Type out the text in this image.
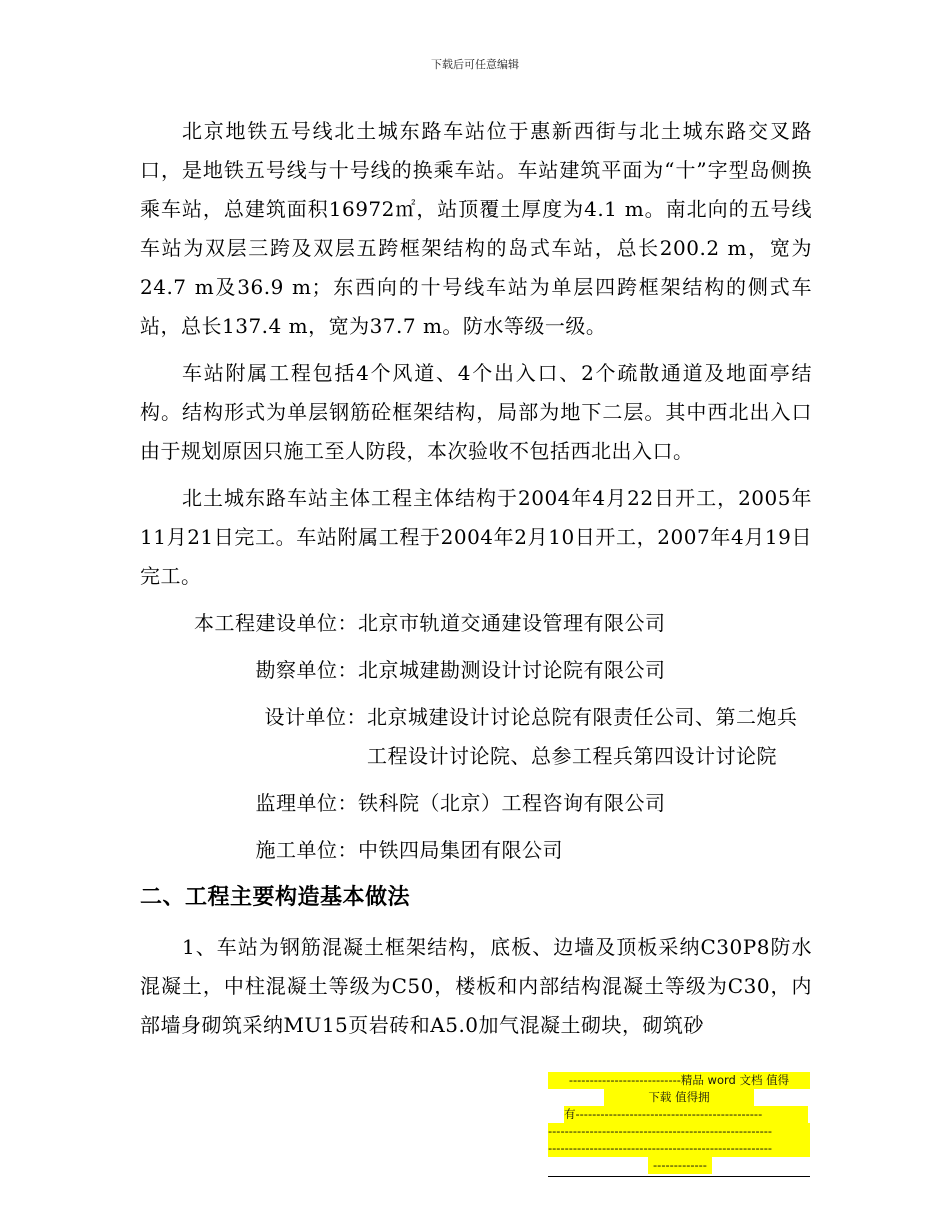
下载后可任意编辑

北京地铁五号线北土城东路车站位于惠新西街与北土城东路交叉路口，是地铁五号线与十号线的换乘车站。车站建筑平面为“十”字型岛侧换乘车站，总建筑面积16972㎡，站顶覆土厚度为4.1 m。南北向的五号线车站为双层三跨及双层五跨框架结构的岛式车站，总长200.2 m，宽为24.7 m及36.9 m；东西向的十号线车站为单层四跨框架结构的侧式车站，总长137.4 m，宽为37.7 m。防水等级一级。

车站附属工程包括4个风道、4个出入口、2个疏散通道及地面亭结构。结构形式为单层钢筋砼框架结构，局部为地下二层。其中西北出入口由于规划原因只施工至人防段，本次验收不包括西北出入口。

北土城东路车站主体工程主体结构于2004年4月22日开工，2005年11月21日完工。车站附属工程于2004年2月10日开工，2007年4月19日完工。

本工程建设单位： 北京市轨道交通建设管理有限公司
勘察单位： 北京城建勘测设计讨论院有限公司
设计单位： 北京城建设计讨论总院有限责任公司、第二炮兵工程设计讨论院、总参工程兵第四设计讨论院
监理单位： 铁科院（北京）工程咨询有限公司
施工单位： 中铁四局集团有限公司
二、工程主要构造基本做法

1、车站为钢筋混凝土框架结构，底板、边墙及顶板采纳C30P8防水混凝土，中柱混凝土等级为C50，楼板和内部结构混凝土等级为C30，内部墙身砌筑采纳MU15页岩砖和A5.0加气混凝土砌块，砌筑砂

---------------------------精品 word 文档 值得
下载 值得拥
有---------------------------------------------
------------------------------------------------------
------------------------------------------------------
-------------
